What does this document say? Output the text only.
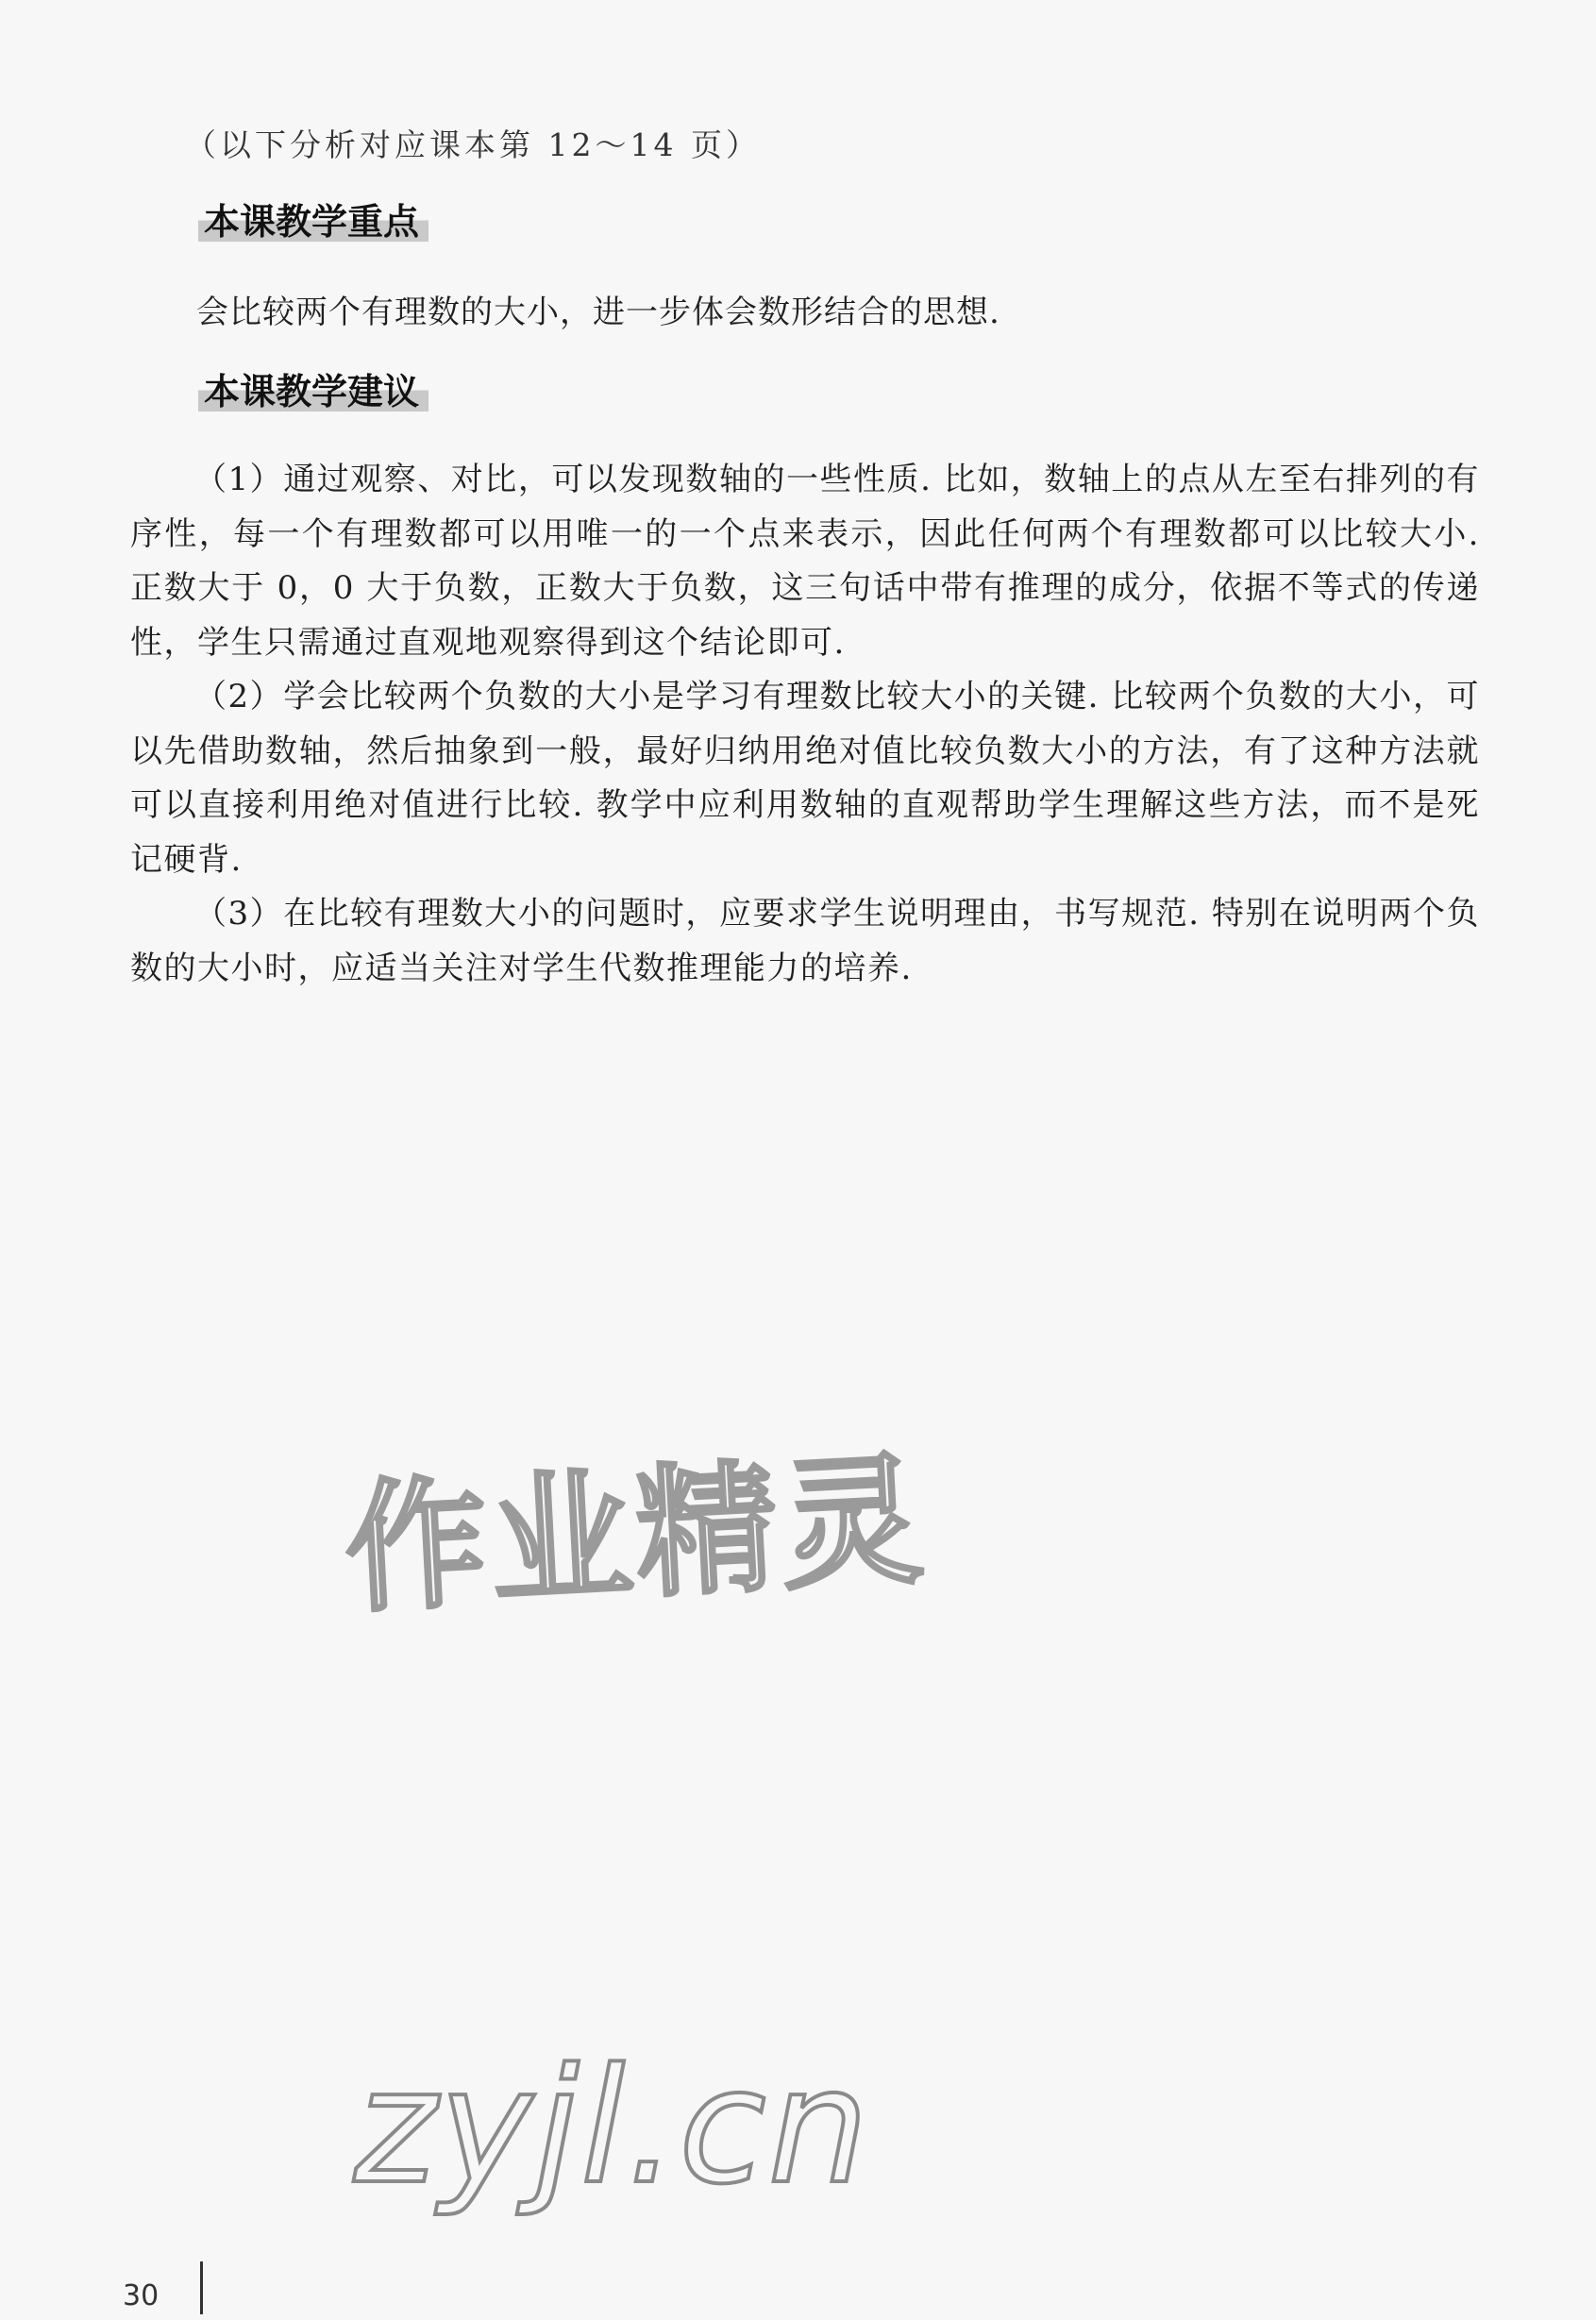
（以下分析对应课本第 12～14 页）
本课教学重点
会比较两个有理数的大小，进一步体会数形结合的思想.
本课教学建议

（1）通过观察、对比，可以发现数轴的一些性质. 比如，数轴上的点从左至右排列的有序性，每一个有理数都可以用唯一的一个点来表示，因此任何两个有理数都可以比较大小. 正数大于 0，0 大于负数，正数大于负数，这三句话中带有推理的成分，依据不等式的传递性，学生只需通过直观地观察得到这个结论即可.

（2）学会比较两个负数的大小是学习有理数比较大小的关键. 比较两个负数的大小，可以先借助数轴，然后抽象到一般，最好归纳用绝对值比较负数大小的方法，有了这种方法就可以直接利用绝对值进行比较. 教学中应利用数轴的直观帮助学生理解这些方法，而不是死记硬背.

（3）在比较有理数大小的问题时，应要求学生说明理由，书写规范. 特别在说明两个负数的大小时，应适当关注对学生代数推理能力的培养.

作业精灵
zyjl.cn
30
